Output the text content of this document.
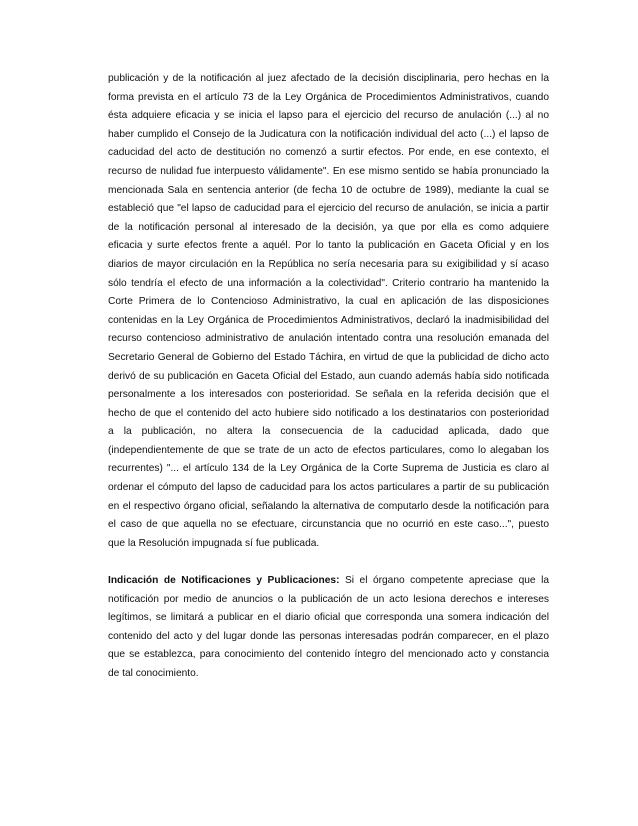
publicación y de la notificación al juez afectado de la decisión disciplinaria, pero hechas en la
forma prevista en el artículo 73 de la Ley Orgánica de Procedimientos Administrativos, cuando
ésta adquiere eficacia y se inicia el lapso para el ejercicio del recurso de anulación (...) al no
haber cumplido el Consejo de la Judicatura con la notificación individual del acto (...) el lapso de
caducidad del acto de destitución no comenzó a surtir efectos. Por ende, en ese contexto, el
recurso de nulidad fue interpuesto válidamente". En ese mismo sentido se había pronunciado la
mencionada Sala en sentencia anterior (de fecha 10 de octubre de 1989), mediante la cual se
estableció que "el lapso de caducidad para el ejercicio del recurso de anulación, se inicia a partir
de la notificación personal al interesado de la decisión, ya que por ella es como adquiere
eficacia y surte efectos frente a aquél. Por lo tanto la publicación en Gaceta Oficial y en los
diarios de mayor circulación en la República no sería necesaria para su exigibilidad y sí acaso
sólo tendría el efecto de una información a la colectividad". Criterio contrario ha mantenido la
Corte Primera de lo Contencioso Administrativo, la cual en aplicación de las disposiciones
contenidas en la Ley Orgánica de Procedimientos Administrativos, declaró la inadmisibilidad del
recurso contencioso administrativo de anulación intentado contra una resolución emanada del
Secretario General de Gobierno del Estado Táchira, en virtud de que la publicidad de dicho acto
derivó de su publicación en Gaceta Oficial del Estado, aun cuando además había sido notificada
personalmente a los interesados con posterioridad. Se señala en la referida decisión que el
hecho de que el contenido del acto hubiere sido notificado a los destinatarios con posterioridad
a la publicación, no altera la consecuencia de la caducidad aplicada, dado que
(independientemente de que se trate de un acto de efectos particulares, como lo alegaban los
recurrentes) "... el artículo 134 de la Ley Orgánica de la Corte Suprema de Justicia es claro al
ordenar el cómputo del lapso de caducidad para los actos particulares a partir de su publicación
en el respectivo órgano oficial, señalando la alternativa de computarlo desde la notificación para
el caso de que aquella no se efectuare, circunstancia que no ocurrió en este caso...", puesto
que la Resolución impugnada sí fue publicada.
Indicación de Notificaciones y Publicaciones: Si el órgano competente apreciase que la
notificación por medio de anuncios o la publicación de un acto lesiona derechos e intereses
legítimos, se limitará a publicar en el diario oficial que corresponda una somera indicación del
contenido del acto y del lugar donde las personas interesadas podrán comparecer, en el plazo
que se establezca, para conocimiento del contenido íntegro del mencionado acto y constancia
de tal conocimiento.
